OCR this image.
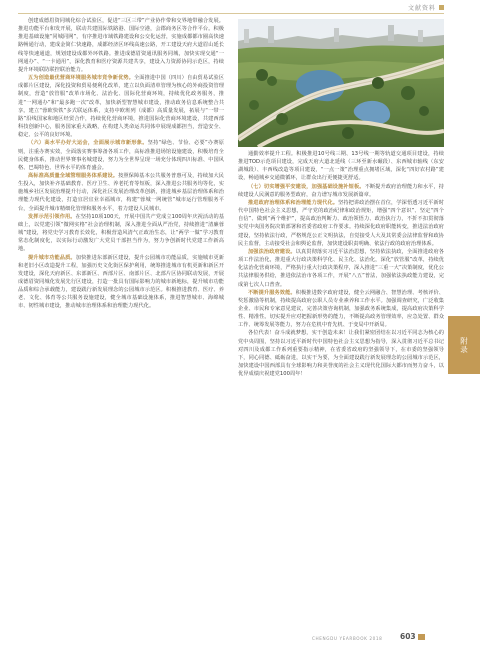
文献资料

创建成德眉资同城化综合试验区，促进“三区三带”产业协作带和交界地带融合发展。推进功能平台和发开展，联动共建国际铁路港、国际空港，会郡商务区等合作平台。积极推进基础设施“同城同网”，有序推进市域铁路建设和公交化运营，实施成都都市圈高快速路畅通行动，建成金简仁快速路，成都经济区环线高速公路，开工建设天府大道眉山延长线等快速通道，规划建设成都外环铁路。推进成德眉资通讯服务同城，加快实现交通“一网通办”、“一卡通用”，深化教育和医疗资源共建共享，建设入力资源协同示范区，持续提升环境联防联控联治能力。

五为创造最优营商环境服务城市竞争新优势。全面推进中国（四川）自由贸易试验区成都片区建设，深化投资和贸易便利化改革，建立以负面清单管理为核心的外商投资管理制度，营造“放管服”改革市场化、法治化、国际化营商环境，持续优化政务服务，推进“一网通办”和“最多跑一次”改革，加快新型智慧城市建设，推动政务信息系统整合共享。建立“蓉欧快铁”多式联运体系，支持中欧班列（成都）高质量发展，拓展与“一带一路”沿线国家和地区经贸合作，持续优化营商环境，推进国际化营商环境建设，共建西部科技创新中心，服务国家重大战略，在构建人类命运共同体中展现成都担当，营造安全、稳定、公平的良好环境。

（六）高水平办好大运会，全面展示城市新形象。坚持“绿色、节俭、必要”办赛原则，注重办赛实效，全面落实赛事筹备各项工作，高标准推进场馆设施建设，积极培育全民健身体系，推动世界赛事名城建设，努力为全世界呈现一场充分体现四川标准、中国风格、巴蜀特色、世界水平的体育盛会。

高标准高质量全域管理服务体系建设。按照保障基本公共服务普惠可及，持续加大民生投入，加快补齐基础教育、医疗卫生、养老托育等短板，深入推进公共服务均等化，实施城乡社区发展治理提升行动，深化社区发展治理改革创新，推进城乡基层治理体系和治理能力现代化建设，打造宜居宜业幸福城市，构建“蓉城一网统管”城市运行管理服务平台，全面提升城市精细化管理和服务水平，着力建设人民城市。

发挥示范引领作用。在坚持10项100天，开展中国共产党成立100周年庆祝活动的基础上，以党建引领“微网实格”社会治理机制，深入推进全面从严治党，持续推进“清廉蓉城”建设，将党史学习教育长效化，积极营造风清气正政治生态，让“两学一做”学习教育常态化制度化，以实际行动激发广大党员干部担当作为，努力争创新时代党建工作新高地。

提升城市功能品质。加快推进东部新区建设，提升公园城市功能品质，实施城市更新和老旧小区改造提升工程，加强历史文化街区保护利用，统筹推进城市有机更新和新区开发建设，深化天府新区、东部新区、西部片区、南部片区、北部片区协同联动发展，开展成德眉资同城化发展先行区建设，打造一批具有国际影响力的城市新地标，提升城市功能品质和综合承载能力，建设践行新发展理念的公园城市示范区。积极推进教育、医疗、养老、文化、体育等公共服务设施建设，健全城市基础设施体系，推进智慧城市、海绵城市、韧性城市建设，推动城市治理体系和治理能力现代化。

通勤效率提升工程。积极推进10号线三期、13号线一期等轨道交通项目建设，持续推进TOD示范项目建设，完成天府大道北延线（三环至新水碾段）、东西城市轴线（东安湖城段）、丰西线改造等项目建设，“一点一策”治理重点拥堵区域，深化“四好农村路”建设，畅通城乡交通微循环，让群众出行更便捷更舒适。

（七）切实增强平安建设，加强基础设施补短板。不断提升政府治理能力和水平，持续建设人民满意的服务型政府，奋力谱写城市发展新篇章。

推进政府治理体系和治理能力现代化。坚持把讲政治摆在首位，学深悟透习近平新时代中国特色社会主义思想，严守党的政治纪律和政治规矩，增强“四个意识”、坚定“四个自信”、做到“两个维护”，提高政治判断力、政治领悟力、政治执行力，不折不扣贯彻落实党中央国务院决策部署和省委省政府工作要求。持续深化政府职能转变，推进法治政府建设，坚持依法行政，严格规范公正文明执法，自觉接受人大及其常委会法律监督和政协民主监督，主动接受社会和舆论监督，加快建设职责明确、依法行政的政府治理体系。

加强法治政府建设。以真贯彻落实习近平法治思想，坚持依法执政，全面推进政府各项工作法治化，推进重大行政决策科学化、民主化、法治化，深化“放管服”改革，持续优化法治化营商环境，严格执行重大行政决策程序，深入推进“三重一大”决策制度，优化公共法律服务供给，推进依法治市各项工作，开展“八五”普法，加强依法执政能力建设，完成第七次人口普查。

不断提升服务效能。积极推进数字政府建设，健全云网融合、智慧治理、考核评价、奖惩激励等机制，持续提高政府公职人员专业素养和工作水平。加强调查研究，广泛收集企业、市民和专家意见建议，完善决策咨询机制，加强政务系统集成，提高政府决策科学性、精准性。切实提升应对把握新形势的能力，不断提高政务管理效率，应急处置、群众工作、统筹发展等能力，努力在危机中育先机、于变局中开新局。

各位代表！奋斗成就梦想，实干创造未来！让我们紧密团结在以习近平同志为核心的党中央周围，坚持以习近平新时代中国特色社会主义思想为指导，深入贯彻习近平总书记对四川及成都工作系列重要指示精神，在省委省政府的坚强领导下，在市委的坚强领导下，同心同德、砥砺奋进，以实干为要，为全面建设践行新发展理念的公园城市示范区，加快建设中国西部具有全球影响力和美誉度的社会主义现代化国际大都市而努力奋斗，以优异成绩庆祝建党100周年！

附录
CHENGDU YEARBOOK 2018 603
